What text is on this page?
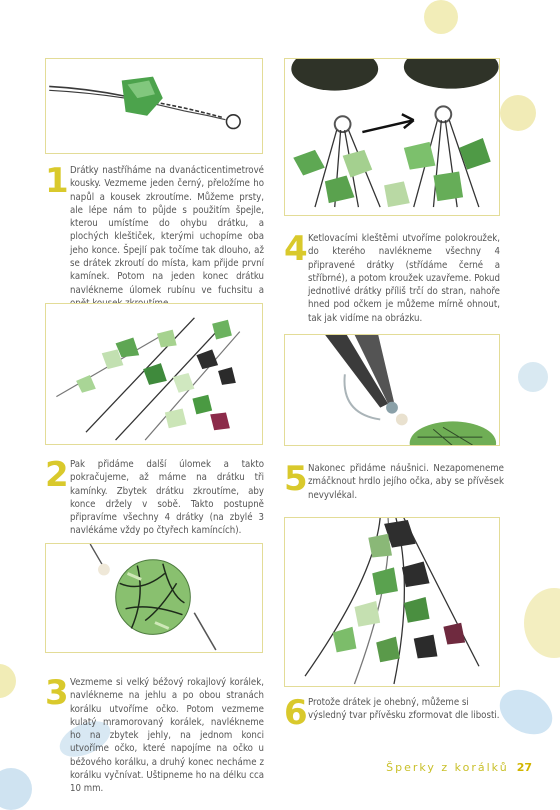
1 Drátky nastříháme na dvanácticentimetrové kousky. Vezmeme jeden černý, přeložíme ho napůl a kousek zkroutíme. Můžeme prsty, ale lépe nám to půjde s použitím špejle, kterou umístíme do ohybu drátku, a plochých kleštiček, kterými uchopíme oba jeho konce. Špejlí pak točíme tak dlouho, až se drátek zkroutí do místa, kam přijde první kamínek. Potom na jeden konec drátku navlékneme úlomek rubínu ve fuchsitu a
4 Ketlovacími kleštěmi utvoříme polokroužek, do kterého navlékneme všechny 4 připravené drátky (střídáme černé a stříbrné), a potom kroužek uzavřeme. Pokud jednotlivé drátky příliš trčí do stran, nahoře hned pod očkem je můžeme mírně ohnout, tak jak vidíme na obrázku.
2 Pak přidáme další úlomek a takto pokračujeme, až máme na drátku tři kamínky. Zbytek drátku zkroutíme, aby konce držely v sobě. Takto postupně připravíme všechny 4 drátky (na zbylé 3 navlékáme vždy po čtyřech kamíncích).
5 Nakonec přidáme náušnici. Nezapomeneme zmáčknout hrdlo jejího očka, aby se přívěsek nevyvlékal.
3 Vezmeme si velký béžový rokajlový korálek, navlékneme na jehlu a po obou stranách korálku utvoříme očko. Potom vezmeme kulatý mramorovaný korálek, navlékneme ho na zbytek jehly, na jednom konci utvoříme očko, které napojíme na očko u béžového korálku, a druhý konec necháme z korálku vyčnívat. Uštipneme ho na délku cca 10 mm.
6 Protože drátek je ohebný, můžeme si výsledný tvar přívěsku zformovat dle libosti.
Šperky z korálků 27
